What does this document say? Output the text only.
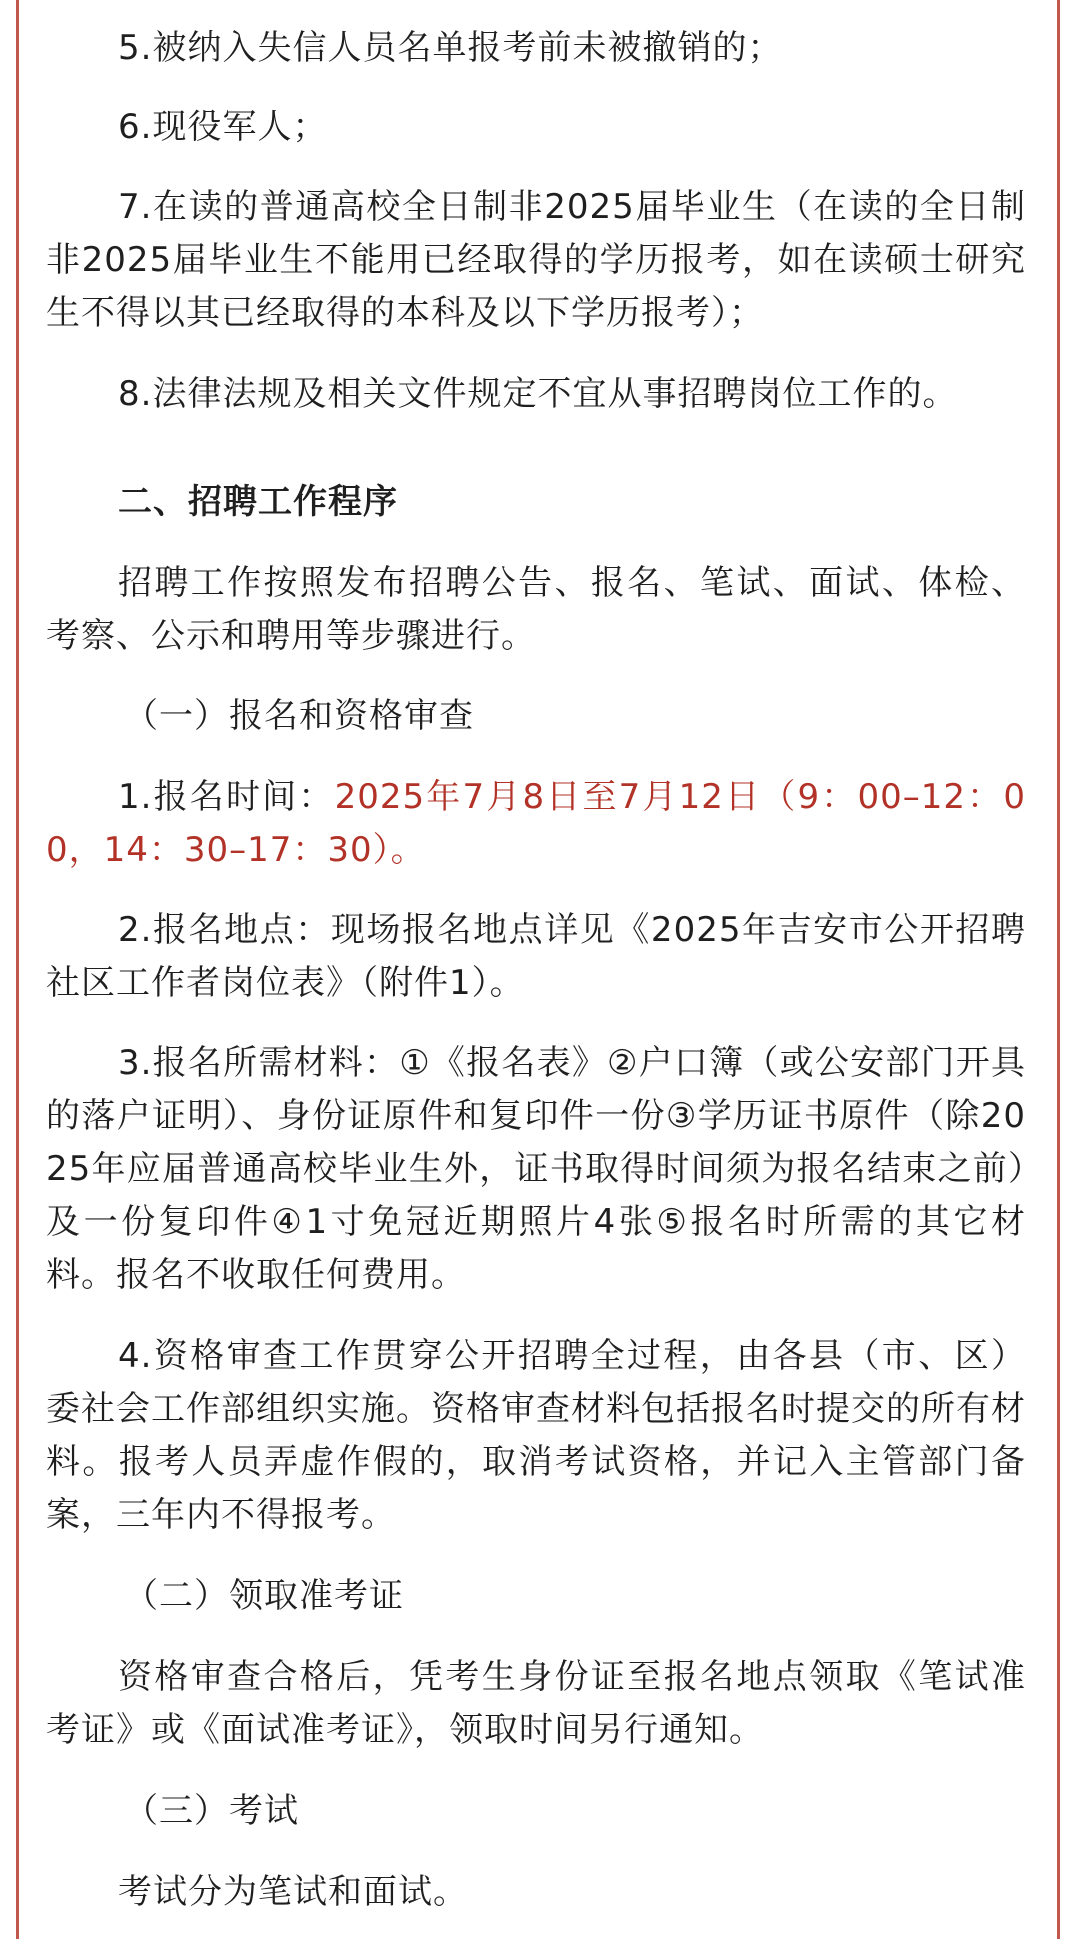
5.被纳入失信人员名单报考前未被撤销的；

6.现役军人；

7.在读的普通高校全日制非2025届毕业生（在读的全日制非2025届毕业生不能用已经取得的学历报考，如在读硕士研究生不得以其已经取得的本科及以下学历报考）；

8.法律法规及相关文件规定不宜从事招聘岗位工作的。

二、招聘工作程序

招聘工作按照发布招聘公告、报名、笔试、面试、体检、考察、公示和聘用等步骤进行。

（一）报名和资格审查

1.报名时间：2025年7月8日至7月12日（9：00–12：00，14：30–17：30）。

2.报名地点：现场报名地点详见《2025年吉安市公开招聘社区工作者岗位表》（附件1）。

3.报名所需材料：①《报名表》②户口簿（或公安部门开具的落户证明）、身份证原件和复印件一份③学历证书原件（除2025年应届普通高校毕业生外，证书取得时间须为报名结束之前）及一份复印件④1寸免冠近期照片4张⑤报名时所需的其它材料。报名不收取任何费用。

4.资格审查工作贯穿公开招聘全过程，由各县（市、区）委社会工作部组织实施。资格审查材料包括报名时提交的所有材料。报考人员弄虚作假的，取消考试资格，并记入主管部门备案，三年内不得报考。

（二）领取准考证

资格审查合格后，凭考生身份证至报名地点领取《笔试准考证》或《面试准考证》，领取时间另行通知。

（三）考试

考试分为笔试和面试。
